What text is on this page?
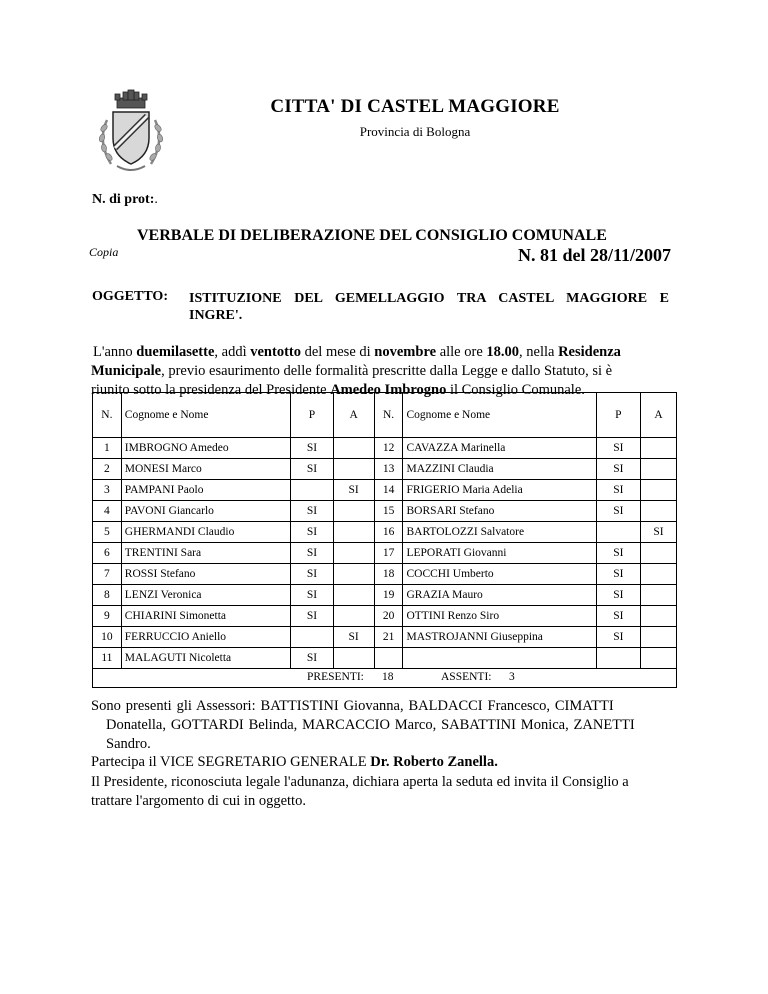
CITTA' DI CASTEL MAGGIORE
Provincia di Bologna
N. di prot:.
VERBALE DI DELIBERAZIONE DEL CONSIGLIO COMUNALE
Copia	N. 81 del 28/11/2007
OGGETTO: ISTITUZIONE DEL GEMELLAGGIO TRA CASTEL MAGGIORE E
INGRE'.
L'anno duemilasette, addì ventotto del mese di novembre alle ore 18.00, nella Residenza
Municipale, previo esaurimento delle formalità prescritte dalla Legge e dallo Statuto, si è
riunito sotto la presidenza del Presidente Amedeo Imbrogno il Consiglio Comunale.
N.	Cognome e Nome	P	A	N.	Cognome e Nome	P	A
1	IMBROGNO Amedeo	SI		12	CAVAZZA Marinella	SI	
2	MONESI Marco	SI		13	MAZZINI Claudia	SI	
3	PAMPANI Paolo		SI	14	FRIGERIO Maria Adelia	SI	
4	PAVONI Giancarlo	SI		15	BORSARI Stefano	SI	
5	GHERMANDI Claudio	SI		16	BARTOLOZZI Salvatore		SI
6	TRENTINI Sara	SI		17	LEPORATI Giovanni	SI	
7	ROSSI Stefano	SI		18	COCCHI Umberto	SI	
8	LENZI Veronica	SI		19	GRAZIA Mauro	SI	
9	CHIARINI Simonetta	SI		20	OTTINI Renzo Siro	SI	
10	FERRUCCIO Aniello		SI	21	MASTROJANNI Giuseppina	SI	
11	MALAGUTI Nicoletta	SI					

PRESENTI: 18 ASSENTI: 3							
Sono presenti gli Assessori: BATTISTINI Giovanna, BALDACCI Francesco, CIMATTI
Donatella, GOTTARDI Belinda, MARCACCIO Marco, SABATTINI Monica, ZANETTI
Sandro.
Partecipa il VICE SEGRETARIO GENERALE Dr. Roberto Zanella.
Il Presidente, riconosciuta legale l'adunanza, dichiara aperta la seduta ed invita il Consiglio a
trattare l'argomento di cui in oggetto.
